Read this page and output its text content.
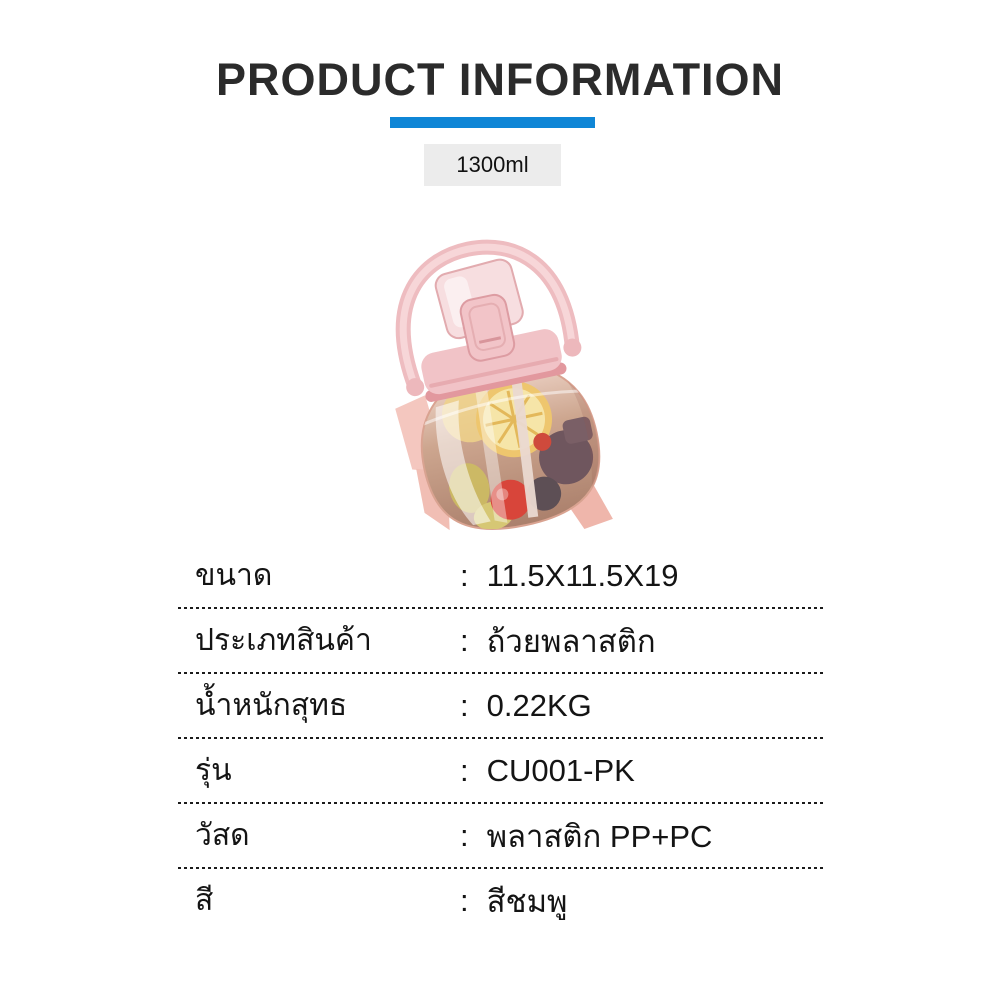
PRODUCT INFORMATION
1300ml
ขนาด	: 11.5X11.5X19
ประเภทสินค้า	: ถ้วยพลาสติก
น้ำหนักสุทธ	: 0.22KG
รุ่น	: CU001-PK
วัสด	: พลาสติก PP+PC
สี	: สีชมพู
